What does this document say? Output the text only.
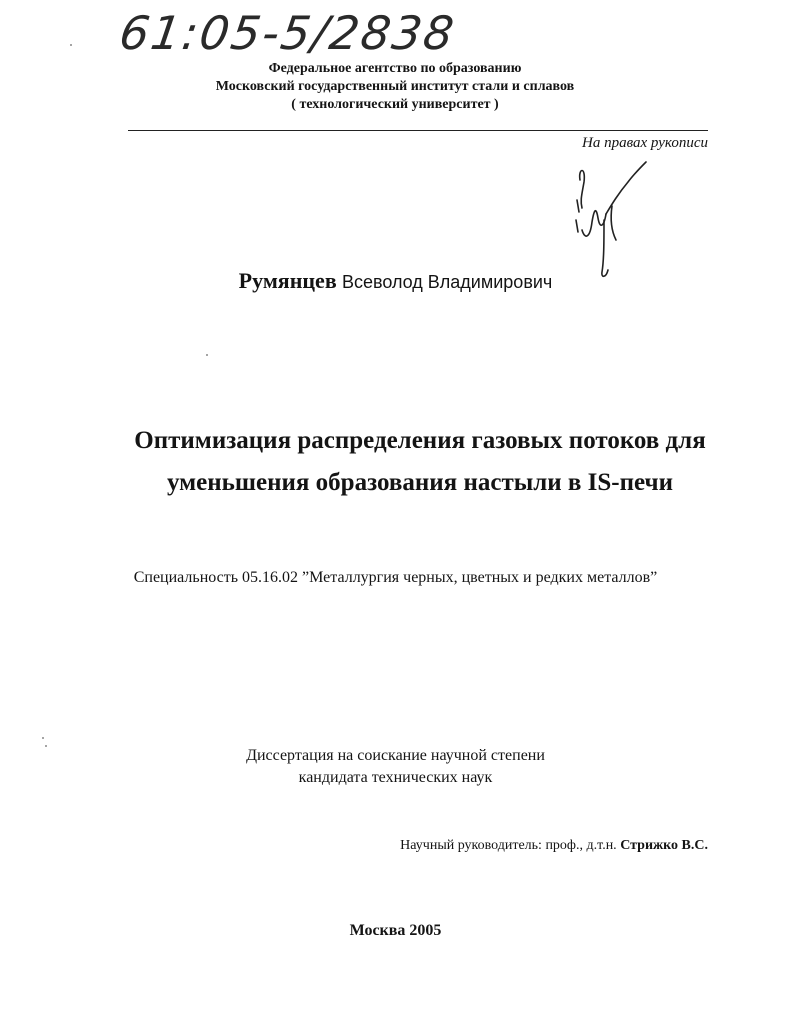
61:05-5/2838
Федеральное агентство по образованию
Московский государственный институт стали и сплавов
( технологический университет )
На правах рукописи
Румянцев Всеволод Владимирович
Оптимизация распределения газовых потоков для
уменьшения образования настыли в IS-печи
Специальность 05.16.02 ”Металлургия черных, цветных и редких металлов”
Диссертация на соискание научной степени
кандидата технических наук
Научный руководитель: проф., д.т.н. Стрижко В.С.
Москва 2005
